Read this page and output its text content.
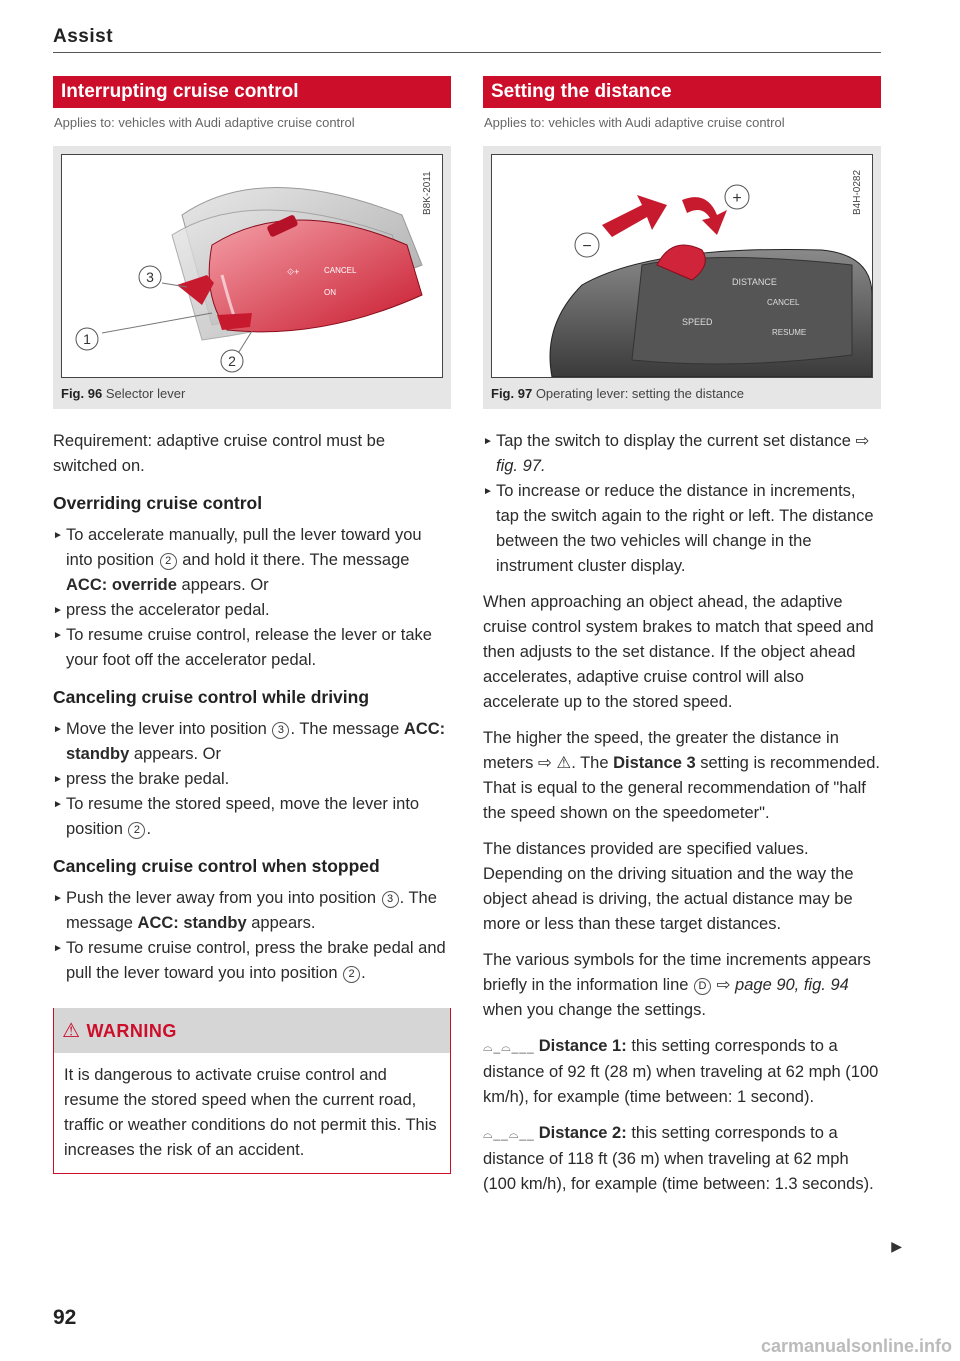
Assist
Interrupting cruise control
Applies to: vehicles with Audi adaptive cruise control
⟐+	CANCEL
ON
3
1
2
B8K-2011
Fig. 96 Selector lever

Requirement: adaptive cruise control must be switched on.

Overriding cruise control
► To accelerate manually, pull the lever toward you into position 2 and hold it there. The message ACC: override appears. Or
► press the accelerator pedal.
► To resume cruise control, release the lever or take your foot off the accelerator pedal.
Canceling cruise control while driving
► Move the lever into position 3 . The message ACC: standby appears. Or
► press the brake pedal.
► To resume the stored speed, move the lever into position 2 .
Canceling cruise control when stopped
► Push the lever away from you into position 3 . The message ACC: standby appears.
► To resume cruise control, press the brake pedal and pull the lever toward you into position 2 .
⚠ WARNING
It is dangerous to activate cruise control and resume the stored speed when the current road, traffic or weather conditions do not permit this. This increases the risk of an accident.
Setting the distance
Applies to: vehicles with Audi adaptive cruise control
DISTANCE
SPEED
CANCEL
RESUME
−
+	B4H-0282
Fig. 97 Operating lever: setting the distance
► Tap the switch to display the current set distance ⇨ fig. 97.
► To increase or reduce the distance in increments, tap the switch again to the right or left. The distance between the two vehicles will change in the instrument cluster display.

When approaching an object ahead, the adaptive cruise control system brakes to match that speed and then adjusts to the set distance. If the object ahead accelerates, adaptive cruise control will also accelerate up to the stored speed.

The higher the speed, the greater the distance in meters ⇨ ⚠. The Distance 3 setting is recommended. That is equal to the general recommendation of "half the speed shown on the speedometer".

The distances provided are specified values. Depending on the driving situation and the way the object ahead is driving, the actual distance may be more or less than these target distances.

The various symbols for the time increments appears briefly in the information line D ⇨ page 90, fig. 94 when you change the settings.

⌓_⌓___ Distance 1: this setting corresponds to a distance of 92 ft (28 m) when traveling at 62 mph (100 km/h), for example (time between: 1 second).

⌓__⌓__ Distance 2: this setting corresponds to a distance of 118 ft (36 m) when traveling at 62 mph (100 km/h), for example (time between: 1.3 seconds).

▶
92
carmanualsonline.info
